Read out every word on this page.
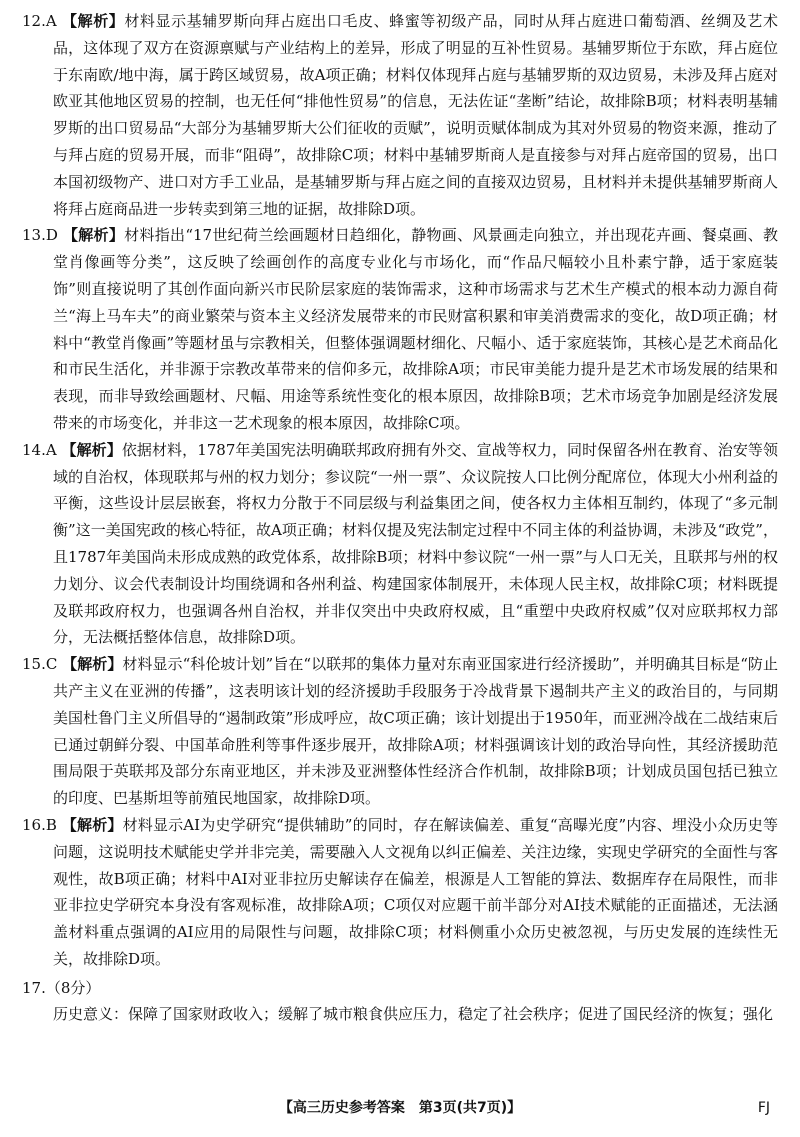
12.A 【解析】材料显示基辅罗斯向拜占庭出口毛皮、蜂蜜等初级产品，同时从拜占庭进口葡萄酒、丝绸及艺术品，这体现了双方在资源禀赋与产业结构上的差异，形成了明显的互补性贸易。基辅罗斯位于东欧，拜占庭位于东南欧/地中海，属于跨区域贸易，故A项正确；材料仅体现拜占庭与基辅罗斯的双边贸易，未涉及拜占庭对欧亚其他地区贸易的控制，也无任何“排他性贸易”的信息，无法佐证“垄断”结论，故排除B项；材料表明基辅罗斯的出口贸易品“大部分为基辅罗斯大公们征收的贡赋”，说明贡赋体制成为其对外贸易的物资来源，推动了与拜占庭的贸易开展，而非“阻碍”，故排除C项；材料中基辅罗斯商人是直接参与对拜占庭帝国的贸易，出口本国初级物产、进口对方手工业品，是基辅罗斯与拜占庭之间的直接双边贸易，且材料并未提供基辅罗斯商人将拜占庭商品进一步转卖到第三地的证据，故排除D项。

13.D 【解析】材料指出“17世纪荷兰绘画题材日趋细化，静物画、风景画走向独立，并出现花卉画、餐桌画、教堂肖像画等分类”，这反映了绘画创作的高度专业化与市场化，而“作品尺幅较小且朴素宁静，适于家庭装饰”则直接说明了其创作面向新兴市民阶层家庭的装饰需求，这种市场需求与艺术生产模式的根本动力源自荷兰“海上马车夫”的商业繁荣与资本主义经济发展带来的市民财富积累和审美消费需求的变化，故D项正确；材料中“教堂肖像画”等题材虽与宗教相关，但整体强调题材细化、尺幅小、适于家庭装饰，其核心是艺术商品化和市民生活化，并非源于宗教改革带来的信仰多元，故排除A项；市民审美能力提升是艺术市场发展的结果和表现，而非导致绘画题材、尺幅、用途等系统性变化的根本原因，故排除B项；艺术市场竞争加剧是经济发展带来的市场变化，并非这一艺术现象的根本原因，故排除C项。

14.A 【解析】依据材料，1787年美国宪法明确联邦政府拥有外交、宣战等权力，同时保留各州在教育、治安等领域的自治权，体现联邦与州的权力划分；参议院“一州一票”、众议院按人口比例分配席位，体现大小州利益的平衡，这些设计层层嵌套，将权力分散于不同层级与利益集团之间，使各权力主体相互制约，体现了“多元制衡”这一美国宪政的核心特征，故A项正确；材料仅提及宪法制定过程中不同主体的利益协调，未涉及“政党”，且1787年美国尚未形成成熟的政党体系，故排除B项；材料中参议院“一州一票”与人口无关，且联邦与州的权力划分、议会代表制设计均围绕调和各州利益、构建国家体制展开，未体现人民主权，故排除C项；材料既提及联邦政府权力，也强调各州自治权，并非仅突出中央政府权威，且“重塑中央政府权威”仅对应联邦权力部分，无法概括整体信息，故排除D项。

15.C 【解析】材料显示“科伦坡计划”旨在“以联邦的集体力量对东南亚国家进行经济援助”，并明确其目标是“防止共产主义在亚洲的传播”，这表明该计划的经济援助手段服务于冷战背景下遏制共产主义的政治目的，与同期美国杜鲁门主义所倡导的“遏制政策”形成呼应，故C项正确；该计划提出于1950年，而亚洲冷战在二战结束后已通过朝鲜分裂、中国革命胜利等事件逐步展开，故排除A项；材料强调该计划的政治导向性，其经济援助范围局限于英联邦及部分东南亚地区，并未涉及亚洲整体性经济合作机制，故排除B项；计划成员国包括已独立的印度、巴基斯坦等前殖民地国家，故排除D项。

16.B 【解析】材料显示AI为史学研究“提供辅助”的同时，存在解读偏差、重复“高曝光度”内容、埋没小众历史等问题，这说明技术赋能史学并非完美，需要融入人文视角以纠正偏差、关注边缘，实现史学研究的全面性与客观性，故B项正确；材料中AI对亚非拉历史解读存在偏差，根源是人工智能的算法、数据库存在局限性，而非亚非拉史学研究本身没有客观标准，故排除A项；C项仅对应题干前半部分对AI技术赋能的正面描述，无法涵盖材料重点强调的AI应用的局限性与问题，故排除C项；材料侧重小众历史被忽视，与历史发展的连续性无关，故排除D项。

17.（8分）
历史意义：保障了国家财政收入；缓解了城市粮食供应压力，稳定了社会秩序；促进了国民经济的恢复；强化
【高三历史参考答案　第3页(共7页)】	FJ
